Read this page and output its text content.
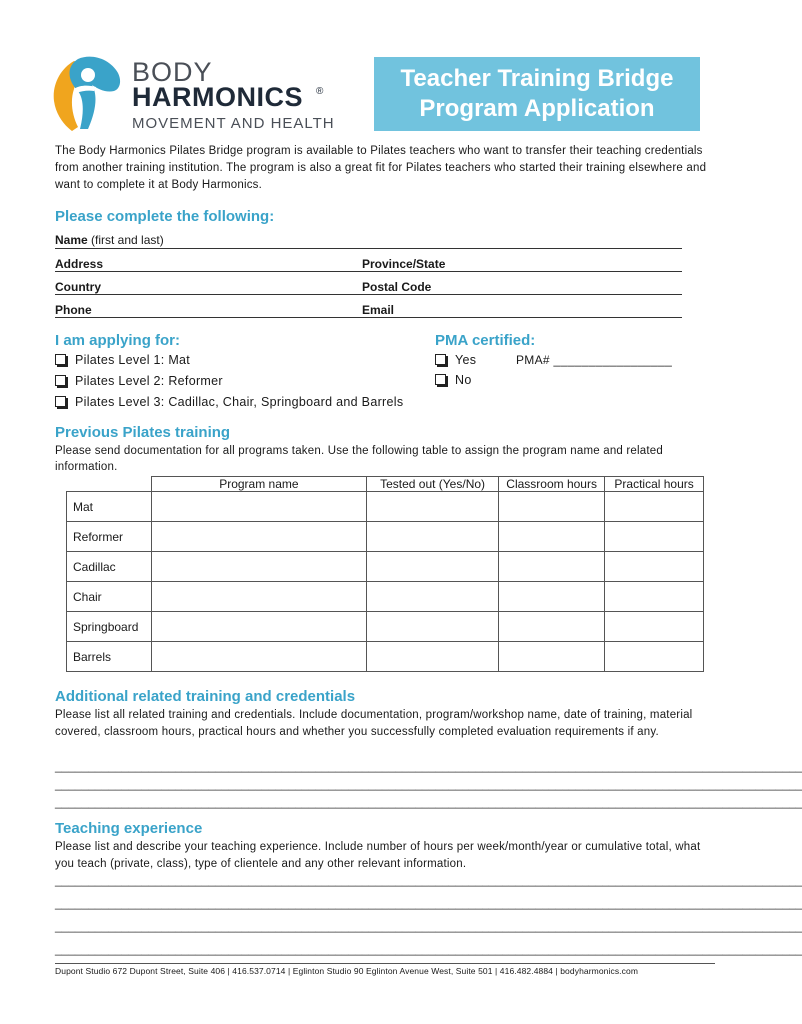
BODY
HARMONICS ®
MOVEMENT AND HEALTH
Teacher Training Bridge
Program Application
The Body Harmonics Pilates Bridge program is available to Pilates teachers who want to transfer their teaching credentials from another training institution. The program is also a great fit for Pilates teachers who started their training elsewhere and want to complete it at Body Harmonics.
Please complete the following:
Name (first and last)
Address	Province/State
Country	Postal Code
Phone	Email
I am applying for:
Pilates Level 1: Mat
Pilates Level 2: Reformer
Pilates Level 3: Cadillac, Chair, Springboard and Barrels
PMA certified:
Yes	PMA# _________________
No
Previous Pilates training
Please send documentation for all programs taken. Use the following table to assign the program name and related information.
	Program name	Tested out (Yes/No)	Classroom hours	Practical hours
Mat				
Reformer				
Cadillac				
Chair				
Springboard				
Barrels				
Additional related training and credentials
Please list all related training and credentials. Include documentation, program/workshop name, date of training, material covered, classroom hours, practical hours and whether you successfully completed evaluation requirements if any.
________________________________________________________________________________________________________________
________________________________________________________________________________________________________________
________________________________________________________________________________________________________________
Teaching experience
Please list and describe your teaching experience. Include number of hours per week/month/year or cumulative total, what you teach (private, class), type of clientele and any other relevant information.
________________________________________________________________________________________________________________
________________________________________________________________________________________________________________
________________________________________________________________________________________________________________
________________________________________________________________________________________________________________
Dupont Studio 672 Dupont Street, Suite 406 | 416.537.0714 | Eglinton Studio 90 Eglinton Avenue West, Suite 501 | 416.482.4884 | bodyharmonics.com
